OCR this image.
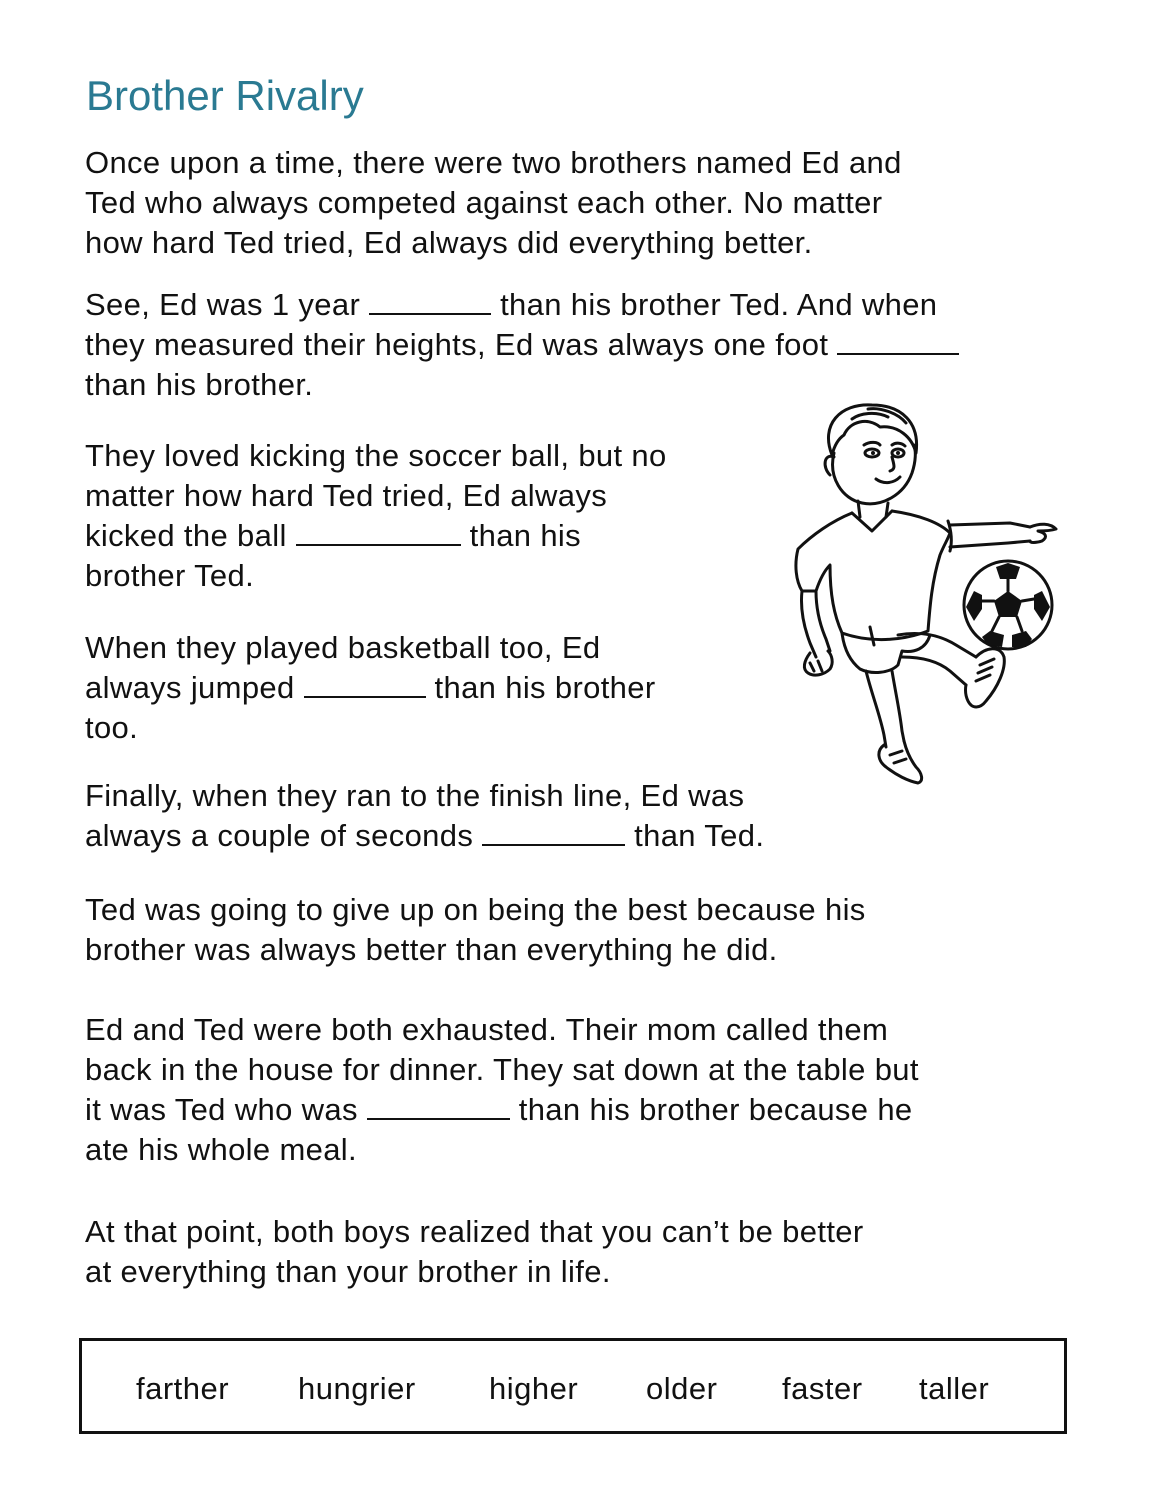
Brother Rivalry

Once upon a time, there were two brothers named Ed and
Ted who always competed against each other. No matter
how hard Ted tried, Ed always did everything better.

See, Ed was 1 year	than his brother Ted. And when
they measured their heights, Ed was always one foot
than his brother.

They loved kicking the soccer ball, but no
matter how hard Ted tried, Ed always
kicked the ball	than his
brother Ted.

When they played basketball too, Ed
always jumped	than his brother
too.

Finally, when they ran to the finish line, Ed was
always a couple of seconds	than Ted.

Ted was going to give up on being the best because his
brother was always better than everything he did.

Ed and Ted were both exhausted. Their mom called them
back in the house for dinner. They sat down at the table but
it was Ted who was	than his brother because he
ate his whole meal.

At that point, both boys realized that you can’t be better
at everything than your brother in life.

farther hungrier higher older faster taller
